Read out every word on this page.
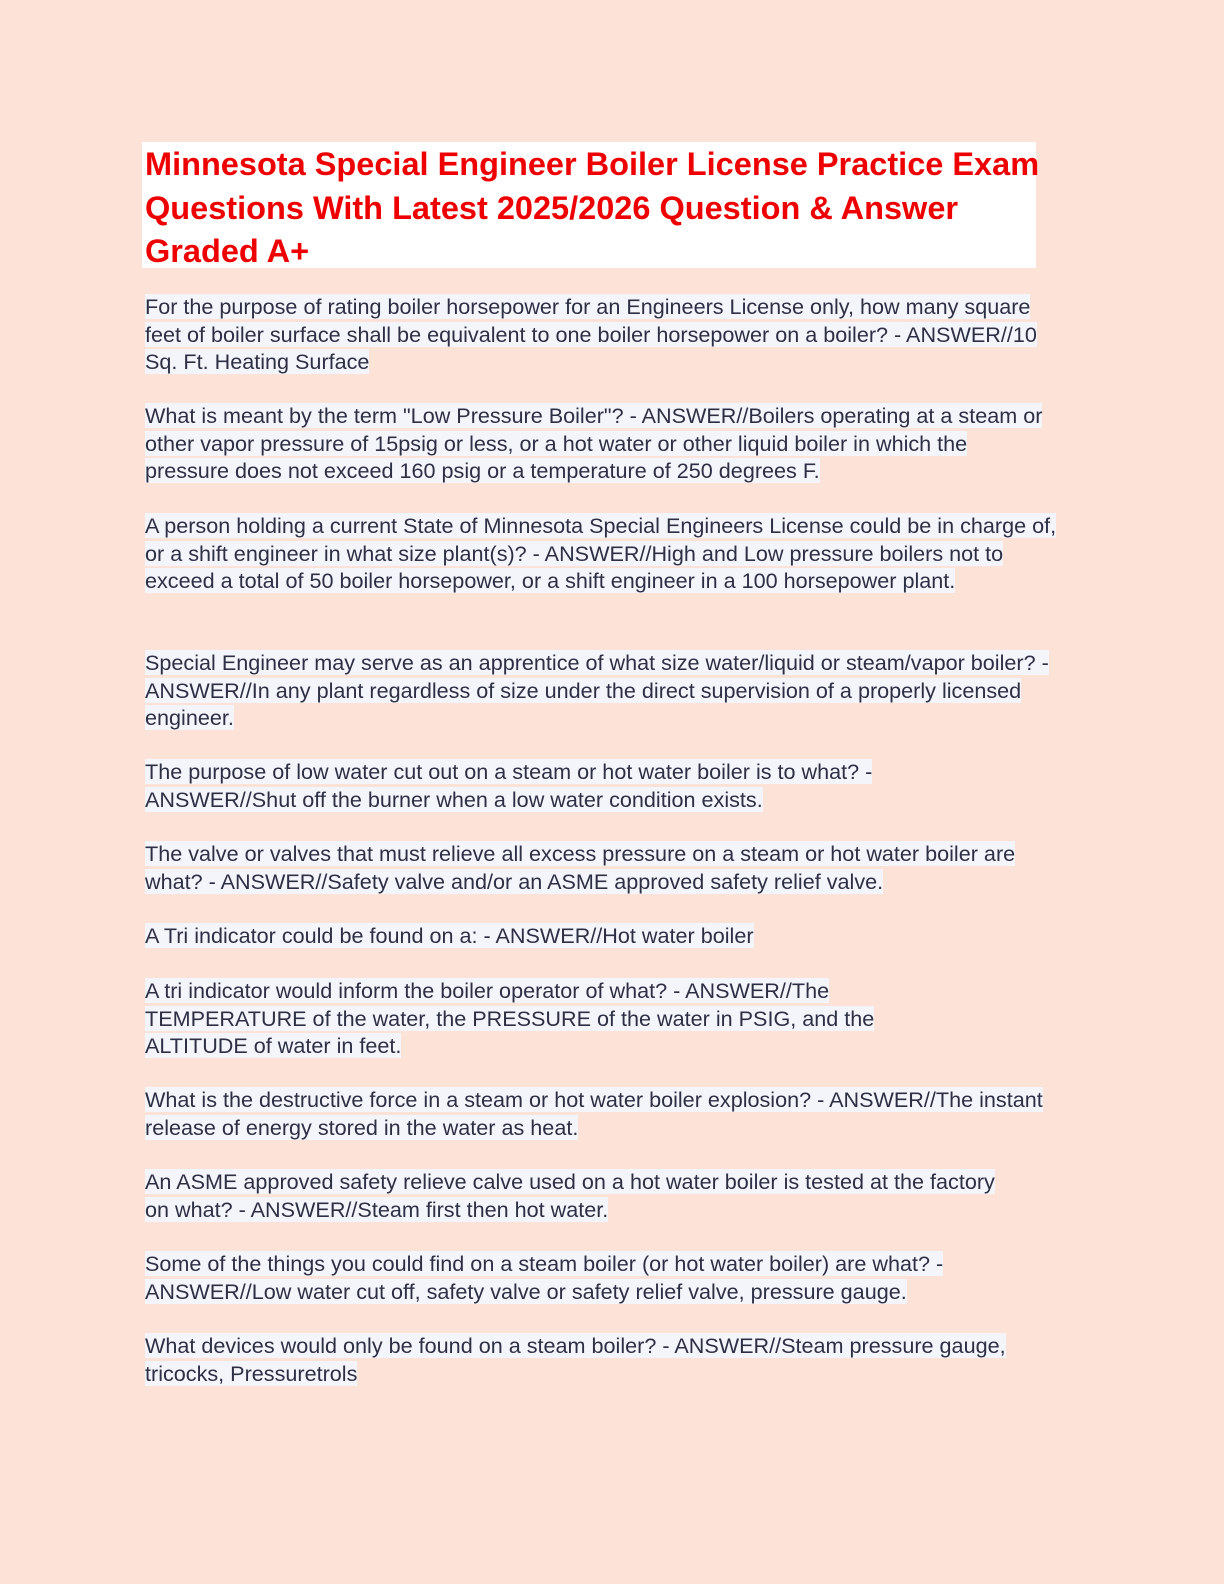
Minnesota Special Engineer Boiler License Practice Exam Questions With Latest 2025/2026 Question & Answer Graded A+

For the purpose of rating boiler horsepower for an Engineers License only, how many square feet of boiler surface shall be equivalent to one boiler horsepower on a boiler? - ANSWER//10 Sq. Ft. Heating Surface

What is meant by the term "Low Pressure Boiler"? - ANSWER//Boilers operating at a steam or other vapor pressure of 15psig or less, or a hot water or other liquid boiler in which the pressure does not exceed 160 psig or a temperature of 250 degrees F.

A person holding a current State of Minnesota Special Engineers License could be in charge of, or a shift engineer in what size plant(s)? - ANSWER//High and Low pressure boilers not to exceed a total of 50 boiler horsepower, or a shift engineer in a 100 horsepower plant.

Special Engineer may serve as an apprentice of what size water/liquid or steam/vapor boiler? - ANSWER//In any plant regardless of size under the direct supervision of a properly licensed engineer.

The purpose of low water cut out on a steam or hot water boiler is to what? - ANSWER//Shut off the burner when a low water condition exists.

The valve or valves that must relieve all excess pressure on a steam or hot water boiler are what? - ANSWER//Safety valve and/or an ASME approved safety relief valve.

A Tri indicator could be found on a: - ANSWER//Hot water boiler

A tri indicator would inform the boiler operator of what? - ANSWER//The TEMPERATURE of the water, the PRESSURE of the water in PSIG, and the ALTITUDE of water in feet.

What is the destructive force in a steam or hot water boiler explosion? - ANSWER//The instant release of energy stored in the water as heat.

An ASME approved safety relieve calve used on a hot water boiler is tested at the factory on what? - ANSWER//Steam first then hot water.

Some of the things you could find on a steam boiler (or hot water boiler) are what? - ANSWER//Low water cut off, safety valve or safety relief valve, pressure gauge.

What devices would only be found on a steam boiler? - ANSWER//Steam pressure gauge, tricocks, Pressuretrols
